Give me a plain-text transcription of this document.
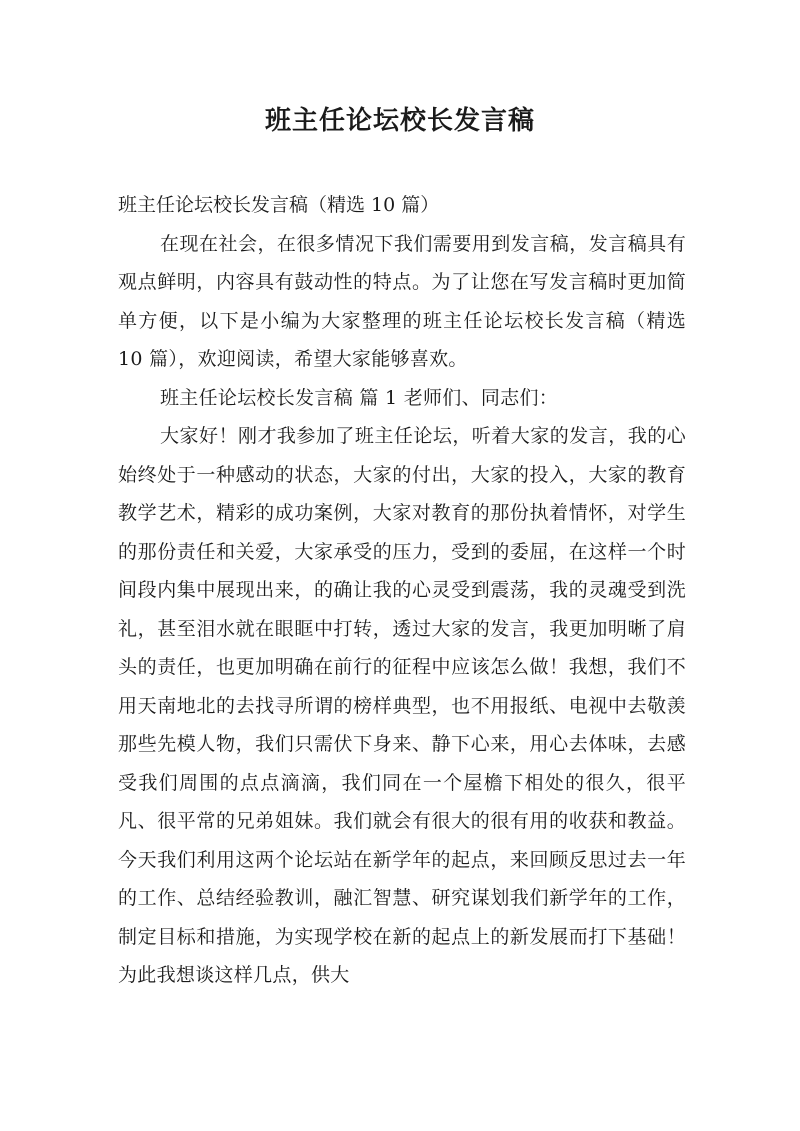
班主任论坛校长发言稿

班主任论坛校长发言稿（精选 10 篇）

在现在社会，在很多情况下我们需要用到发言稿，发言稿具有观点鲜明，内容具有鼓动性的特点。为了让您在写发言稿时更加简单方便，以下是小编为大家整理的班主任论坛校长发言稿（精选 10 篇），欢迎阅读，希望大家能够喜欢。

班主任论坛校长发言稿 篇 1 老师们、同志们：

大家好！刚才我参加了班主任论坛，听着大家的发言，我的心始终处于一种感动的状态，大家的付出，大家的投入，大家的教育教学艺术，精彩的成功案例，大家对教育的那份执着情怀，对学生的那份责任和关爱，大家承受的压力，受到的委屈，在这样一个时间段内集中展现出来，的确让我的心灵受到震荡，我的灵魂受到洗礼，甚至泪水就在眼眶中打转，透过大家的发言，我更加明晰了肩头的责任，也更加明确在前行的征程中应该怎么做！我想，我们不用天南地北的去找寻所谓的榜样典型，也不用报纸、电视中去敬羡那些先模人物，我们只需伏下身来、静下心来，用心去体味，去感受我们周围的点点滴滴，我们同在一个屋檐下相处的很久，很平凡、很平常的兄弟姐妹。我们就会有很大的很有用的收获和教益。今天我们利用这两个论坛站在新学年的起点，来回顾反思过去一年的工作、总结经验教训，融汇智慧、研究谋划我们新学年的工作，制定目标和措施，为实现学校在新的起点上的新发展而打下基础！为此我想谈这样几点，供大
